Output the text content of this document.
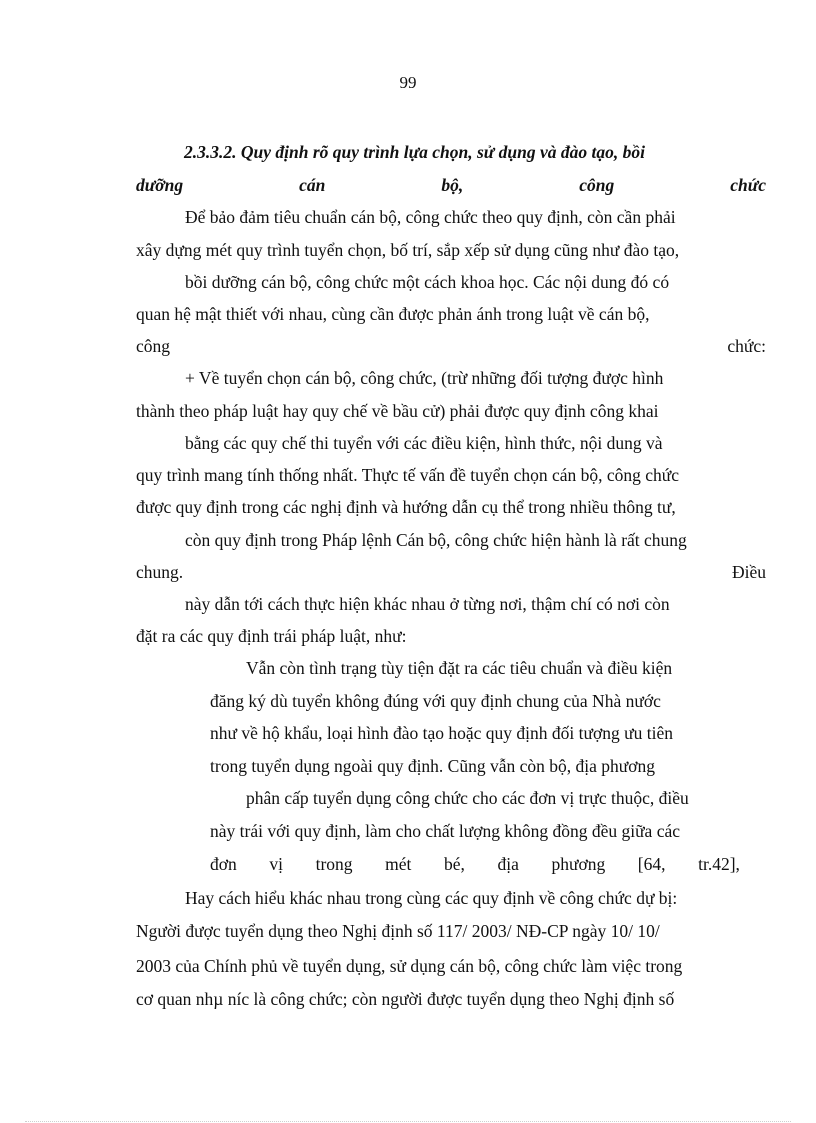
99
2.3.3.2. Quy định rõ quy trình lựa chọn, sử dụng và đào tạo, bồi
dưỡng	cán	bộ,	công	chức
Để bảo đảm tiêu chuẩn cán bộ, công chức theo quy định, còn cần phải
xây dựng mét quy trình tuyển chọn, bố trí, sắp xếp sử dụng cũng như đào tạo,
bồi dưỡng cán bộ, công chức một cách khoa học. Các nội dung đó có
quan hệ mật thiết với nhau, cùng cần được phản ánh trong luật về cán bộ,
công	chức:
+ Về tuyển chọn cán bộ, công chức, (trừ những đối tượng được hình
thành theo pháp luật hay quy chế về bầu cử) phải được quy định công khai
bằng các quy chế thi tuyển với các điều kiện, hình thức, nội dung và
quy trình mang tính thống nhất. Thực tế vấn đề tuyển chọn cán bộ, công chức
được quy định trong các nghị định và hướng dẫn cụ thể trong nhiều thông tư,
còn quy định trong Pháp lệnh Cán bộ, công chức hiện hành là rất chung
chung.	Điều
này dẫn tới cách thực hiện khác nhau ở từng nơi, thậm chí có nơi còn
đặt ra các quy định trái pháp luật, như:
Vẫn còn tình trạng tùy tiện đặt ra các tiêu chuẩn và điều kiện
đăng ký dù tuyển không đúng với quy định chung của Nhà nước
như về hộ khẩu, loại hình đào tạo hoặc quy định đối tượng ưu tiên
trong tuyển dụng ngoài quy định. Cũng vẫn còn bộ, địa phương
phân cấp tuyển dụng công chức cho các đơn vị trực thuộc, điều
này trái với quy định, làm cho chất lượng không đồng đều giữa các
đơn vị trong mét bé, địa phương [64, tr.42],
Hay cách hiểu khác nhau trong cùng các quy định về công chức dự bị:
Người được tuyển dụng theo Nghị định số 117/ 2003/ NĐ-CP ngày 10/ 10/
2003 của Chính phủ về tuyển dụng, sử dụng cán bộ, công chức làm việc trong
cơ quan nhµ níc là công chức; còn người được tuyển dụng theo Nghị định số
